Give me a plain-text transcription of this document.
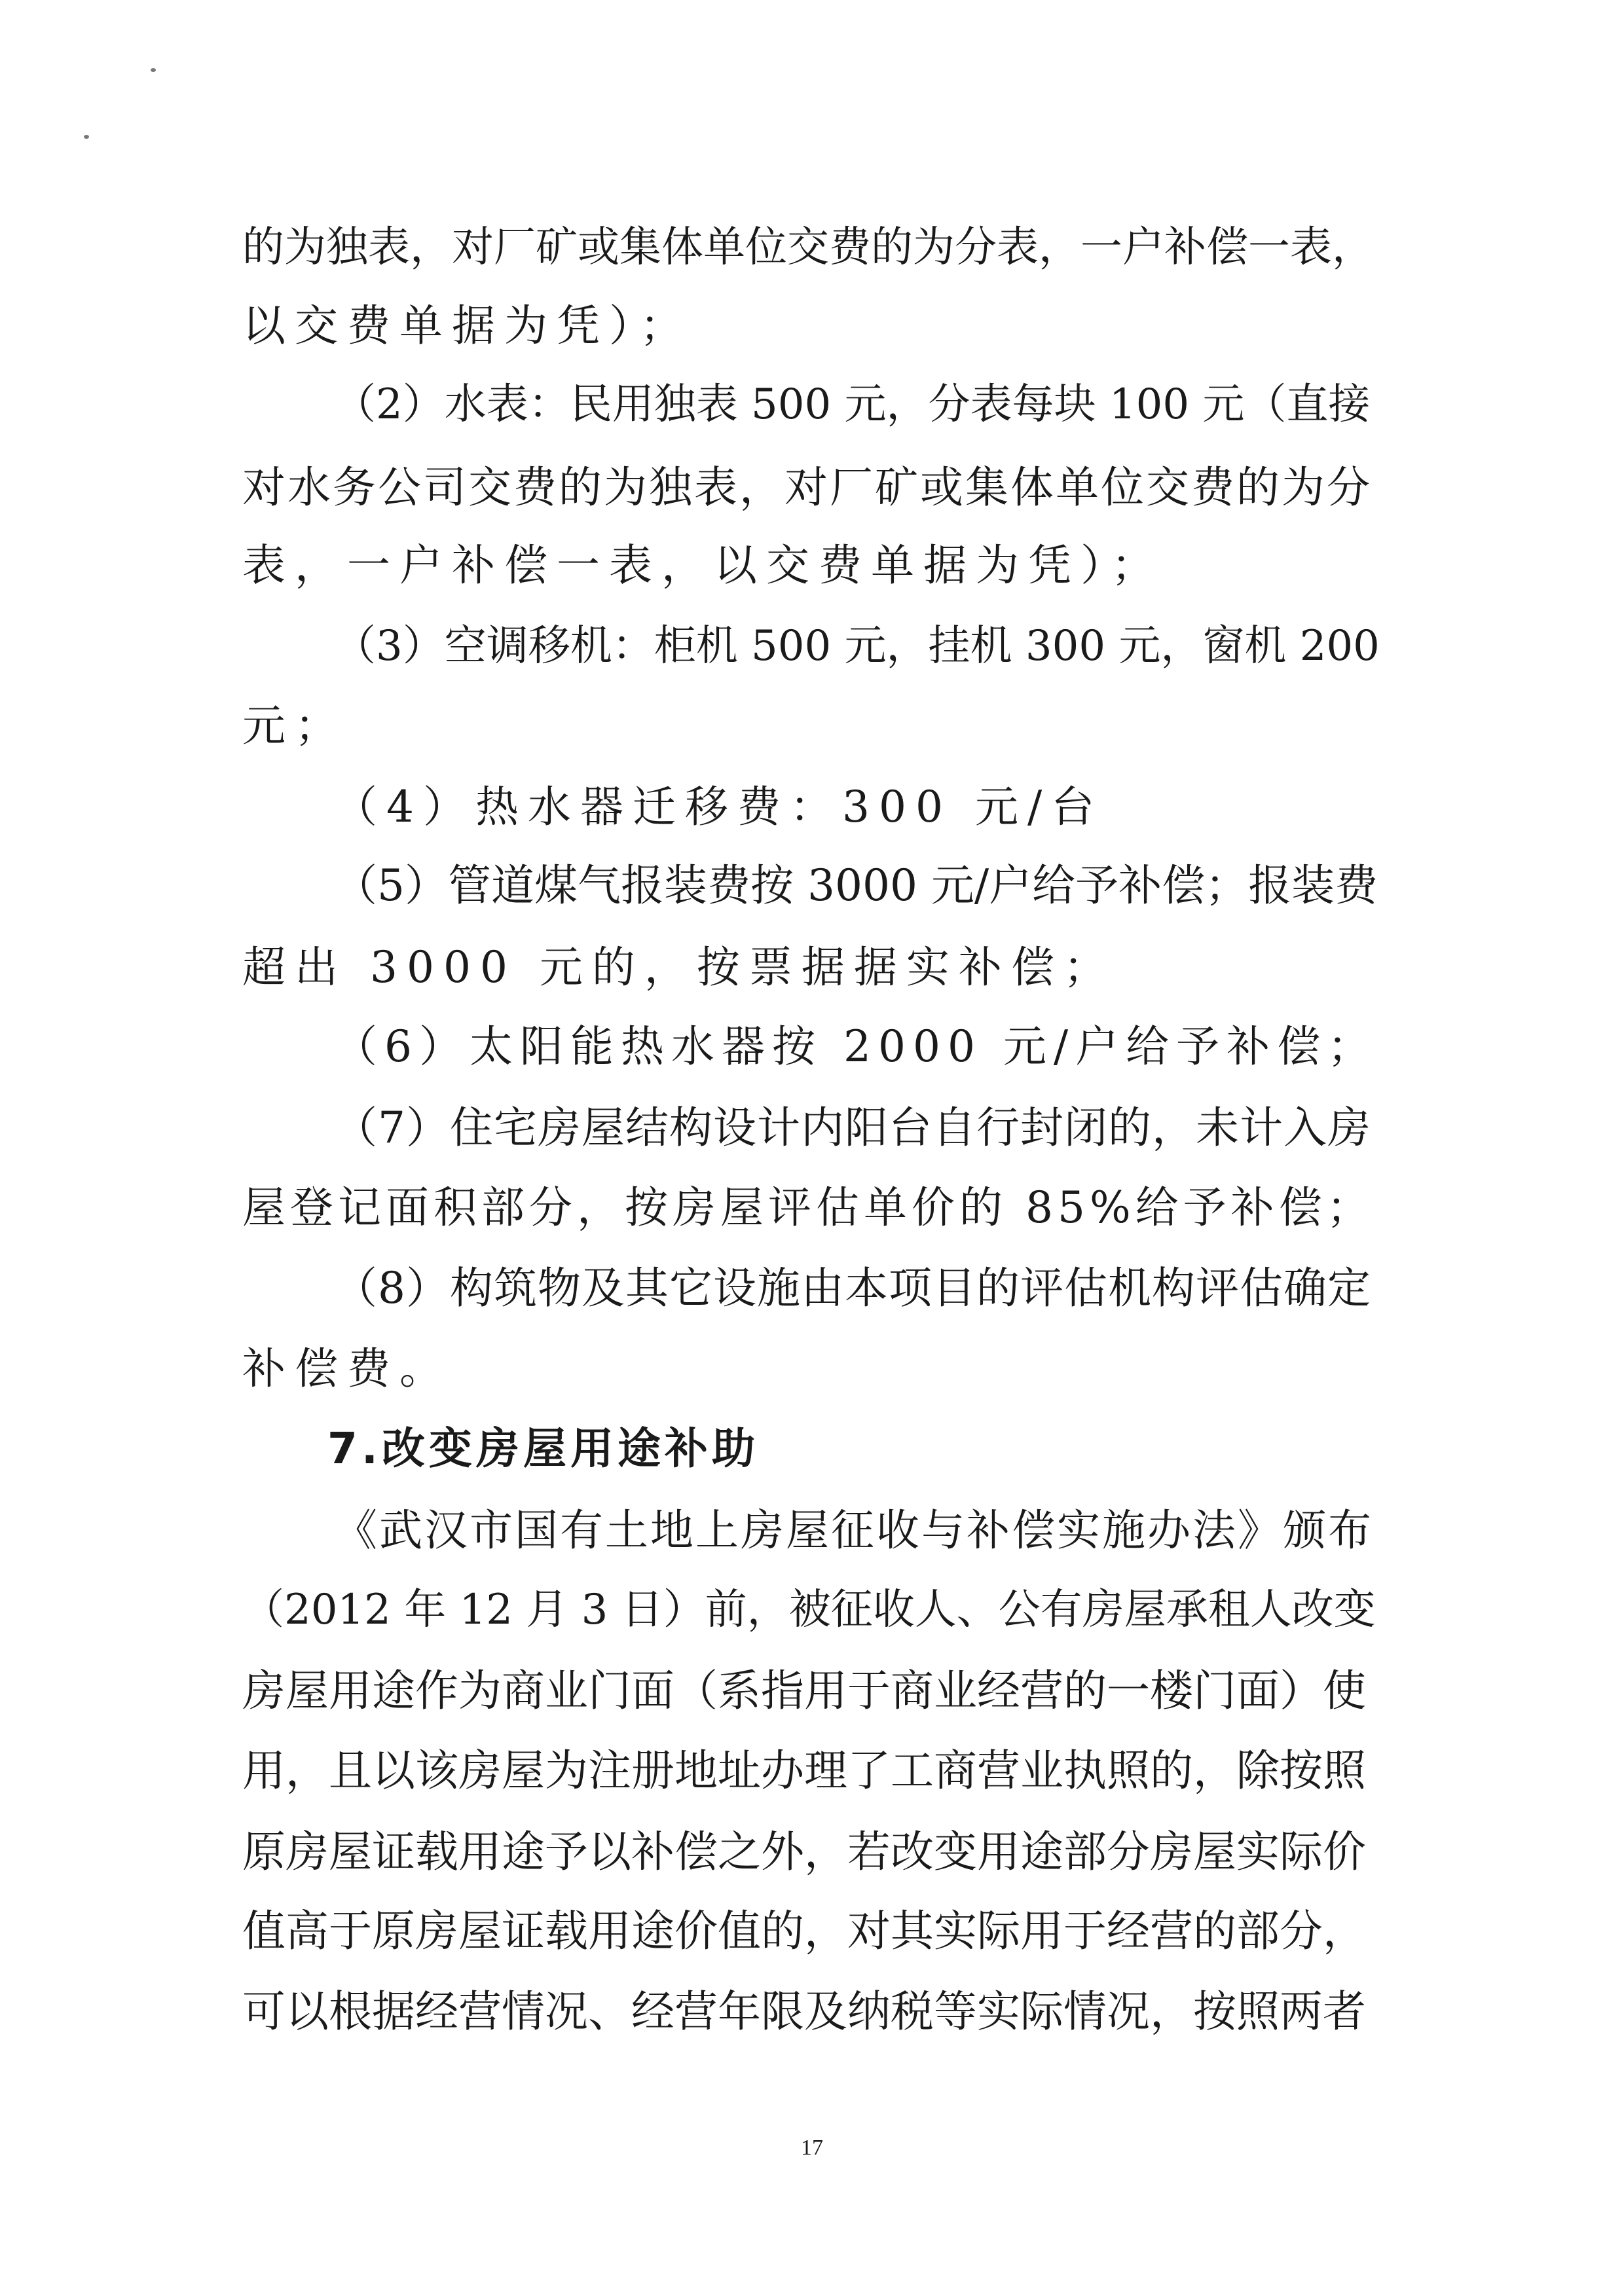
的为独表，对厂矿或集体单位交费的为分表，一户补偿一表，
以交费单据为凭）；
（2）水表：民用独表 500 元，分表每块 100 元（直接
对水务公司交费的为独表，对厂矿或集体单位交费的为分
表，一户补偿一表，以交费单据为凭）；
（3）空调移机：柜机 500 元，挂机 300 元，窗机 200
元；
（4）热水器迁移费：300 元/台
（5）管道煤气报装费按 3000 元/户给予补偿；报装费
超出 3000 元的，按票据据实补偿；
（6）太阳能热水器按 2000 元/户给予补偿；
（7）住宅房屋结构设计内阳台自行封闭的，未计入房
屋登记面积部分，按房屋评估单价的 85%给予补偿；
（8）构筑物及其它设施由本项目的评估机构评估确定
补偿费。
7.改变房屋用途补助
《武汉市国有土地上房屋征收与补偿实施办法》颁布
（2012 年 12 月 3 日）前，被征收人、公有房屋承租人改变
房屋用途作为商业门面（系指用于商业经营的一楼门面）使
用，且以该房屋为注册地址办理了工商营业执照的，除按照
原房屋证载用途予以补偿之外，若改变用途部分房屋实际价
值高于原房屋证载用途价值的，对其实际用于经营的部分，
可以根据经营情况、经营年限及纳税等实际情况，按照两者
17
